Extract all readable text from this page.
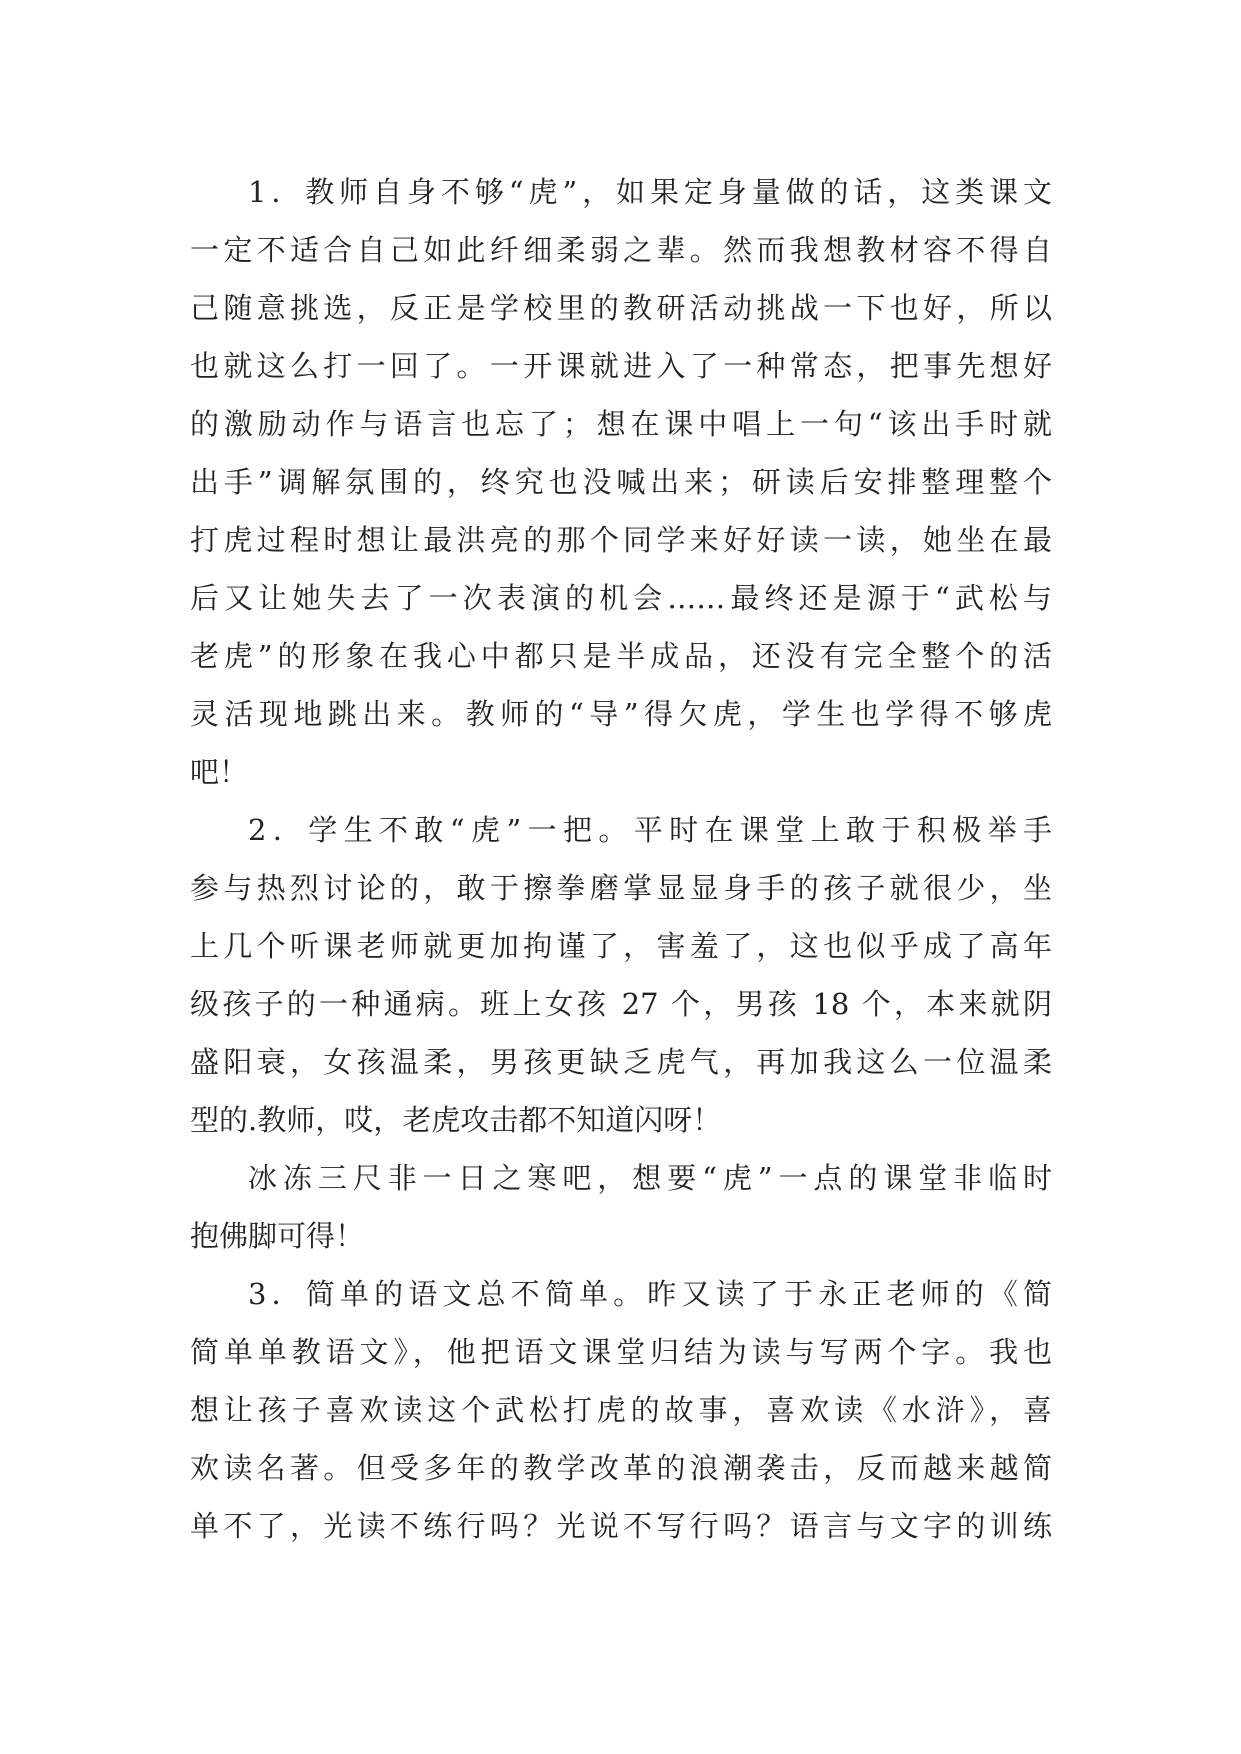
1．教师自身不够“虎”，如果定身量做的话，这类课文
一定不适合自己如此纤细柔弱之辈。然而我想教材容不得自
己随意挑选，反正是学校里的教研活动挑战一下也好，所以
也就这么打一回了。一开课就进入了一种常态，把事先想好
的激励动作与语言也忘了；想在课中唱上一句“该出手时就
出手”调解氛围的，终究也没喊出来；研读后安排整理整个
打虎过程时想让最洪亮的那个同学来好好读一读，她坐在最
后又让她失去了一次表演的机会……最终还是源于“武松与
老虎”的形象在我心中都只是半成品，还没有完全整个的活
灵活现地跳出来。教师的“导”得欠虎，学生也学得不够虎
吧！
2．学生不敢“虎”一把。平时在课堂上敢于积极举手
参与热烈讨论的，敢于擦拳磨掌显显身手的孩子就很少，坐
上几个听课老师就更加拘谨了，害羞了，这也似乎成了高年
级孩子的一种通病。班上女孩 27 个，男孩 18 个，本来就阴
盛阳衰，女孩温柔，男孩更缺乏虎气，再加我这么一位温柔
型的.教师，哎，老虎攻击都不知道闪呀！
冰冻三尺非一日之寒吧，想要“虎”一点的课堂非临时
抱佛脚可得！
3．简单的语文总不简单。昨又读了于永正老师的《简
简单单教语文》，他把语文课堂归结为读与写两个字。我也
想让孩子喜欢读这个武松打虎的故事，喜欢读《水浒》，喜
欢读名著。但受多年的教学改革的浪潮袭击，反而越来越简
单不了，光读不练行吗？光说不写行吗？语言与文字的训练
